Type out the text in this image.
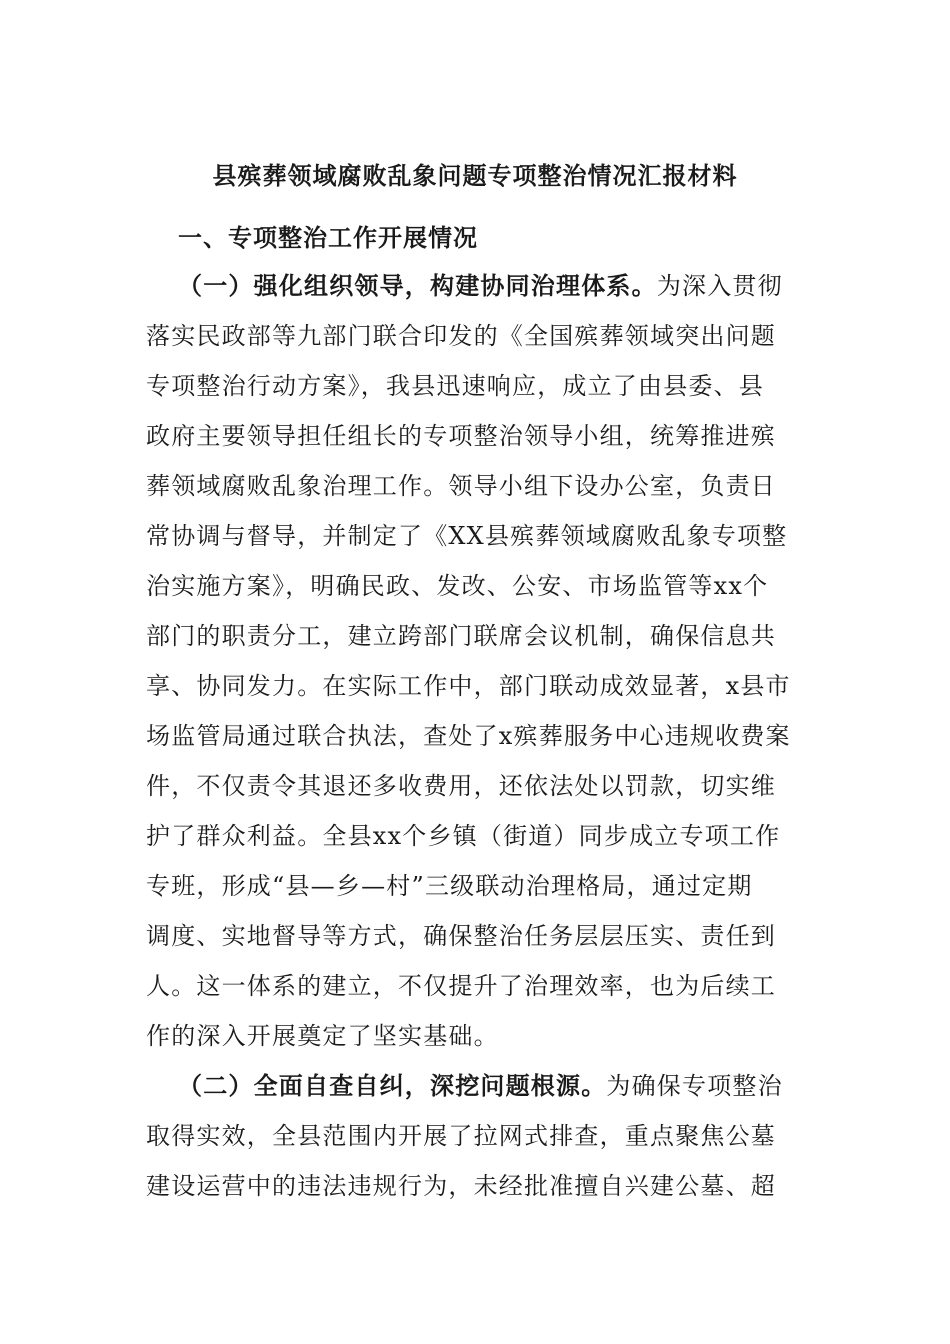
县殡葬领域腐败乱象问题专项整治情况汇报材料
一、专项整治工作开展情况
（一）强化组织领导，构建协同治理体系。为深入贯彻
落实民政部等九部门联合印发的《全国殡葬领域突出问题
专项整治行动方案》，我县迅速响应，成立了由县委、县
政府主要领导担任组长的专项整治领导小组，统筹推进殡
葬领域腐败乱象治理工作。领导小组下设办公室，负责日
常协调与督导，并制定了《XX县殡葬领域腐败乱象专项整
治实施方案》，明确民政、发改、公安、市场监管等xx个
部门的职责分工，建立跨部门联席会议机制，确保信息共
享、协同发力。在实际工作中，部门联动成效显著，x县市
场监管局通过联合执法，查处了x殡葬服务中心违规收费案
件，不仅责令其退还多收费用，还依法处以罚款，切实维
护了群众利益。全县xx个乡镇（街道）同步成立专项工作
专班，形成“县—乡—村”三级联动治理格局，通过定期
调度、实地督导等方式，确保整治任务层层压实、责任到
人。这一体系的建立，不仅提升了治理效率，也为后续工
作的深入开展奠定了坚实基础。
（二）全面自查自纠，深挖问题根源。为确保专项整治
取得实效，全县范围内开展了拉网式排查，重点聚焦公墓
建设运营中的违法违规行为，未经批准擅自兴建公墓、超
